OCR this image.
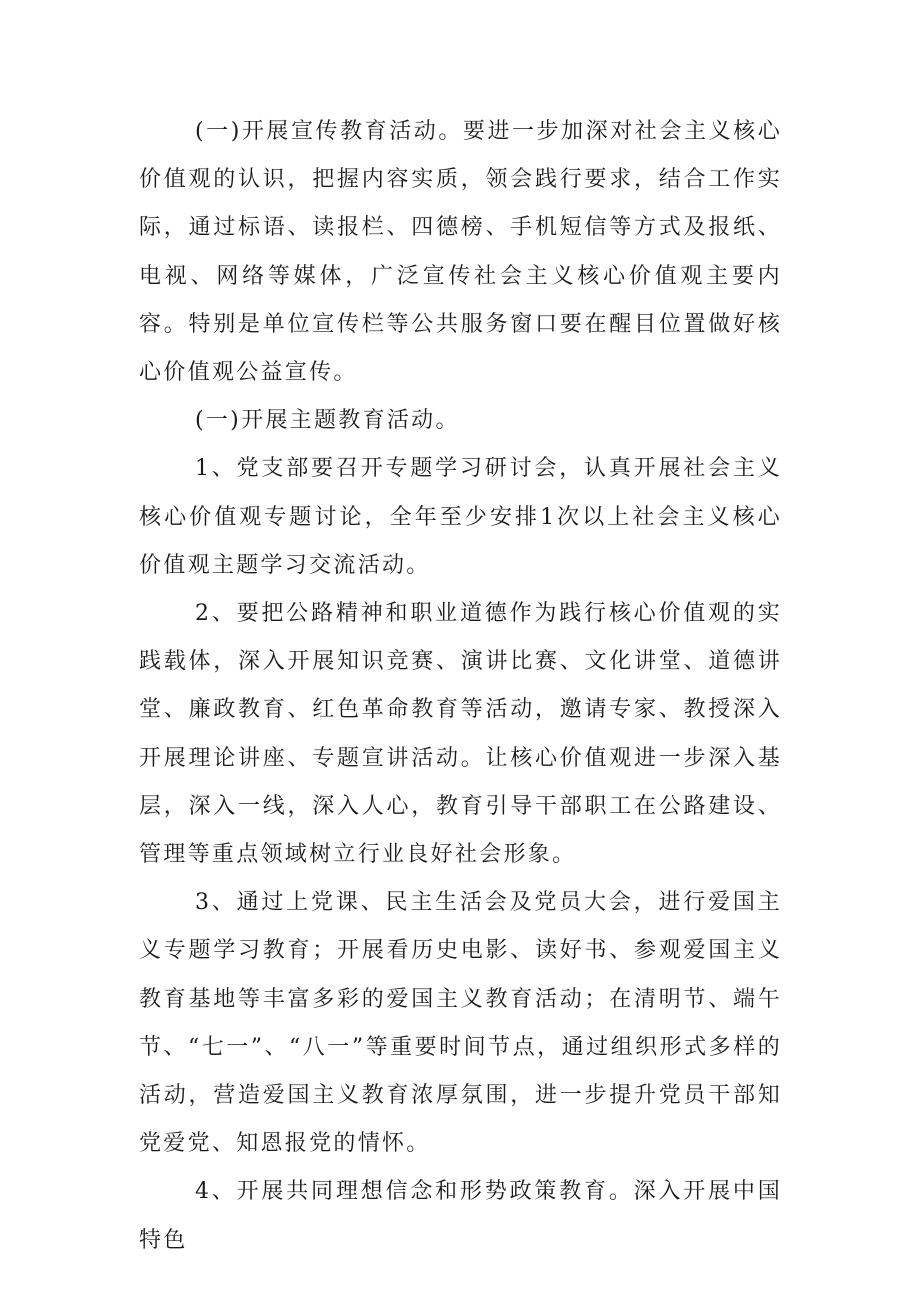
(一)开展宣传教育活动。要进一步加深对社会主义核心价值观的认识，把握内容实质，领会践行要求，结合工作实际，通过标语、读报栏、四德榜、手机短信等方式及报纸、电视、网络等媒体，广泛宣传社会主义核心价值观主要内容。特别是单位宣传栏等公共服务窗口要在醒目位置做好核心价值观公益宣传。

(一)开展主题教育活动。

1、党支部要召开专题学习研讨会，认真开展社会主义核心价值观专题讨论，全年至少安排1次以上社会主义核心价值观主题学习交流活动。

2、要把公路精神和职业道德作为践行核心价值观的实践载体，深入开展知识竞赛、演讲比赛、文化讲堂、道德讲堂、廉政教育、红色革命教育等活动，邀请专家、教授深入开展理论讲座、专题宣讲活动。让核心价值观进一步深入基层，深入一线，深入人心，教育引导干部职工在公路建设、管理等重点领域树立行业良好社会形象。

3、通过上党课、民主生活会及党员大会，进行爱国主义专题学习教育；开展看历史电影、读好书、参观爱国主义教育基地等丰富多彩的爱国主义教育活动；在清明节、端午节、“七一”、“八一”等重要时间节点，通过组织形式多样的活动，营造爱国主义教育浓厚氛围，进一步提升党员干部知党爱党、知恩报党的情怀。

4、开展共同理想信念和形势政策教育。深入开展中国特色
